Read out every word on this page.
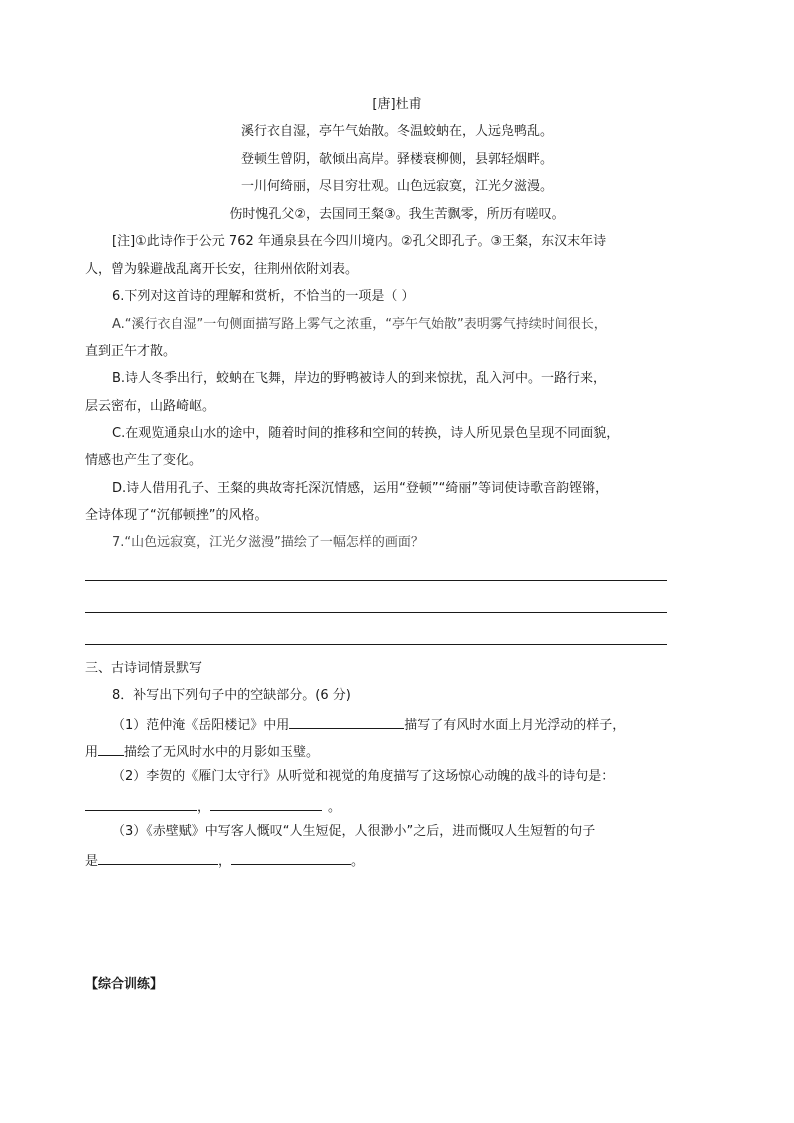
[唐]杜甫
溪行衣自湿，亭午气始散。冬温蛟蚋在，人远凫鸭乱。
登顿生曾阴，欹倾出高岸。驿楼衰柳侧，县郭轻烟畔。
一川何绮丽，尽目穷壮观。山色远寂寞，江光夕滋漫。
伤时愧孔父②，去国同王粲③。我生苦飘零，所历有嗟叹。
[注]①此诗作于公元 762 年通泉县在今四川境内。②孔父即孔子。③王粲，东汉末年诗
人，曾为躲避战乱离开长安，往荆州依附刘表。
6.下列对这首诗的理解和赏析，不恰当的一项是（ ）
A.“溪行衣自湿”一句侧面描写路上雾气之浓重，“亭午气始散”表明雾气持续时间很长，
直到正午才散。
B.诗人冬季出行，蛟蚋在飞舞，岸边的野鸭被诗人的到来惊扰，乱入河中。一路行来，
层云密布，山路崎岖。
C.在观览通泉山水的途中，随着时间的推移和空间的转换，诗人所见景色呈现不同面貌，
情感也产生了变化。
D.诗人借用孔子、王粲的典故寄托深沉情感，运用“登顿”“绮丽”等词使诗歌音韵铿锵，
全诗体现了“沉郁顿挫”的风格。
7.“山色远寂寞，江光夕滋漫”描绘了一幅怎样的画面？
三、古诗词情景默写
8．补写出下列句子中的空缺部分。(6 分)
（1）范仲淹《岳阳楼记》中用	描写了有风时水面上月光浮动的样子，
用 描绘了无风时水中的月影如玉璧。
（2）李贺的《雁门太守行》从听觉和视觉的角度描写了这场惊心动魄的战斗的诗句是：
，	。
（3）《赤壁赋》中写客人慨叹“人生短促，人很渺小”之后，进而慨叹人生短暂的句子
是	，	。
【综合训练】
